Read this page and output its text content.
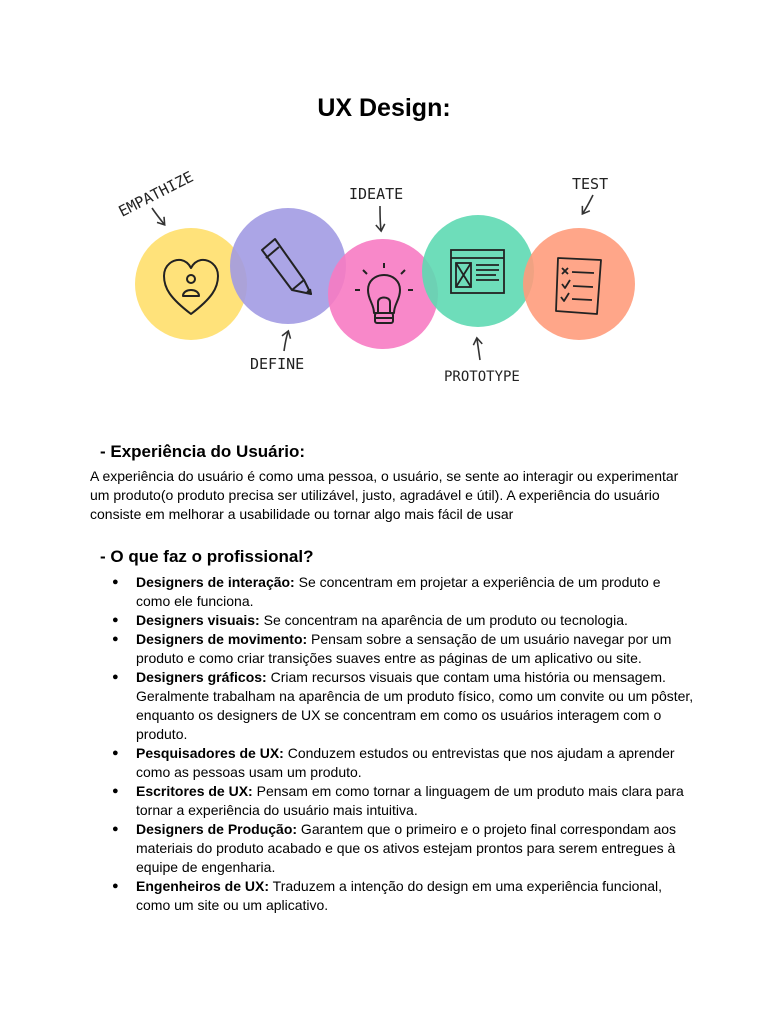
UX Design:
EMPATHIZE
DEFINE
IDEATE
PROTOTYPE
TEST
- Experiência do Usuário:

A experiência do usuário é como uma pessoa, o usuário, se sente ao interagir ou experimentar um produto(o produto precisa ser utilizável, justo, agradável e útil). A experiência do usuário consiste em melhorar a usabilidade ou tornar algo mais fácil de usar

- O que faz o profissional?
● Designers de interação: Se concentram em projetar a experiência de um produto e como ele funciona.
● Designers visuais: Se concentram na aparência de um produto ou tecnologia.
● Designers de movimento: Pensam sobre a sensação de um usuário navegar por um produto e como criar transições suaves entre as páginas de um aplicativo ou site.
● Designers gráficos: Criam recursos visuais que contam uma história ou mensagem. Geralmente trabalham na aparência de um produto físico, como um convite ou um pôster, enquanto os designers de UX se concentram em como os usuários interagem com o produto.
● Pesquisadores de UX: Conduzem estudos ou entrevistas que nos ajudam a aprender como as pessoas usam um produto.
● Escritores de UX: Pensam em como tornar a linguagem de um produto mais clara para tornar a experiência do usuário mais intuitiva.
● Designers de Produção: Garantem que o primeiro e o projeto final correspondam aos materiais do produto acabado e que os ativos estejam prontos para serem entregues à equipe de engenharia.
● Engenheiros de UX: Traduzem a intenção do design em uma experiência funcional, como um site ou um aplicativo.
